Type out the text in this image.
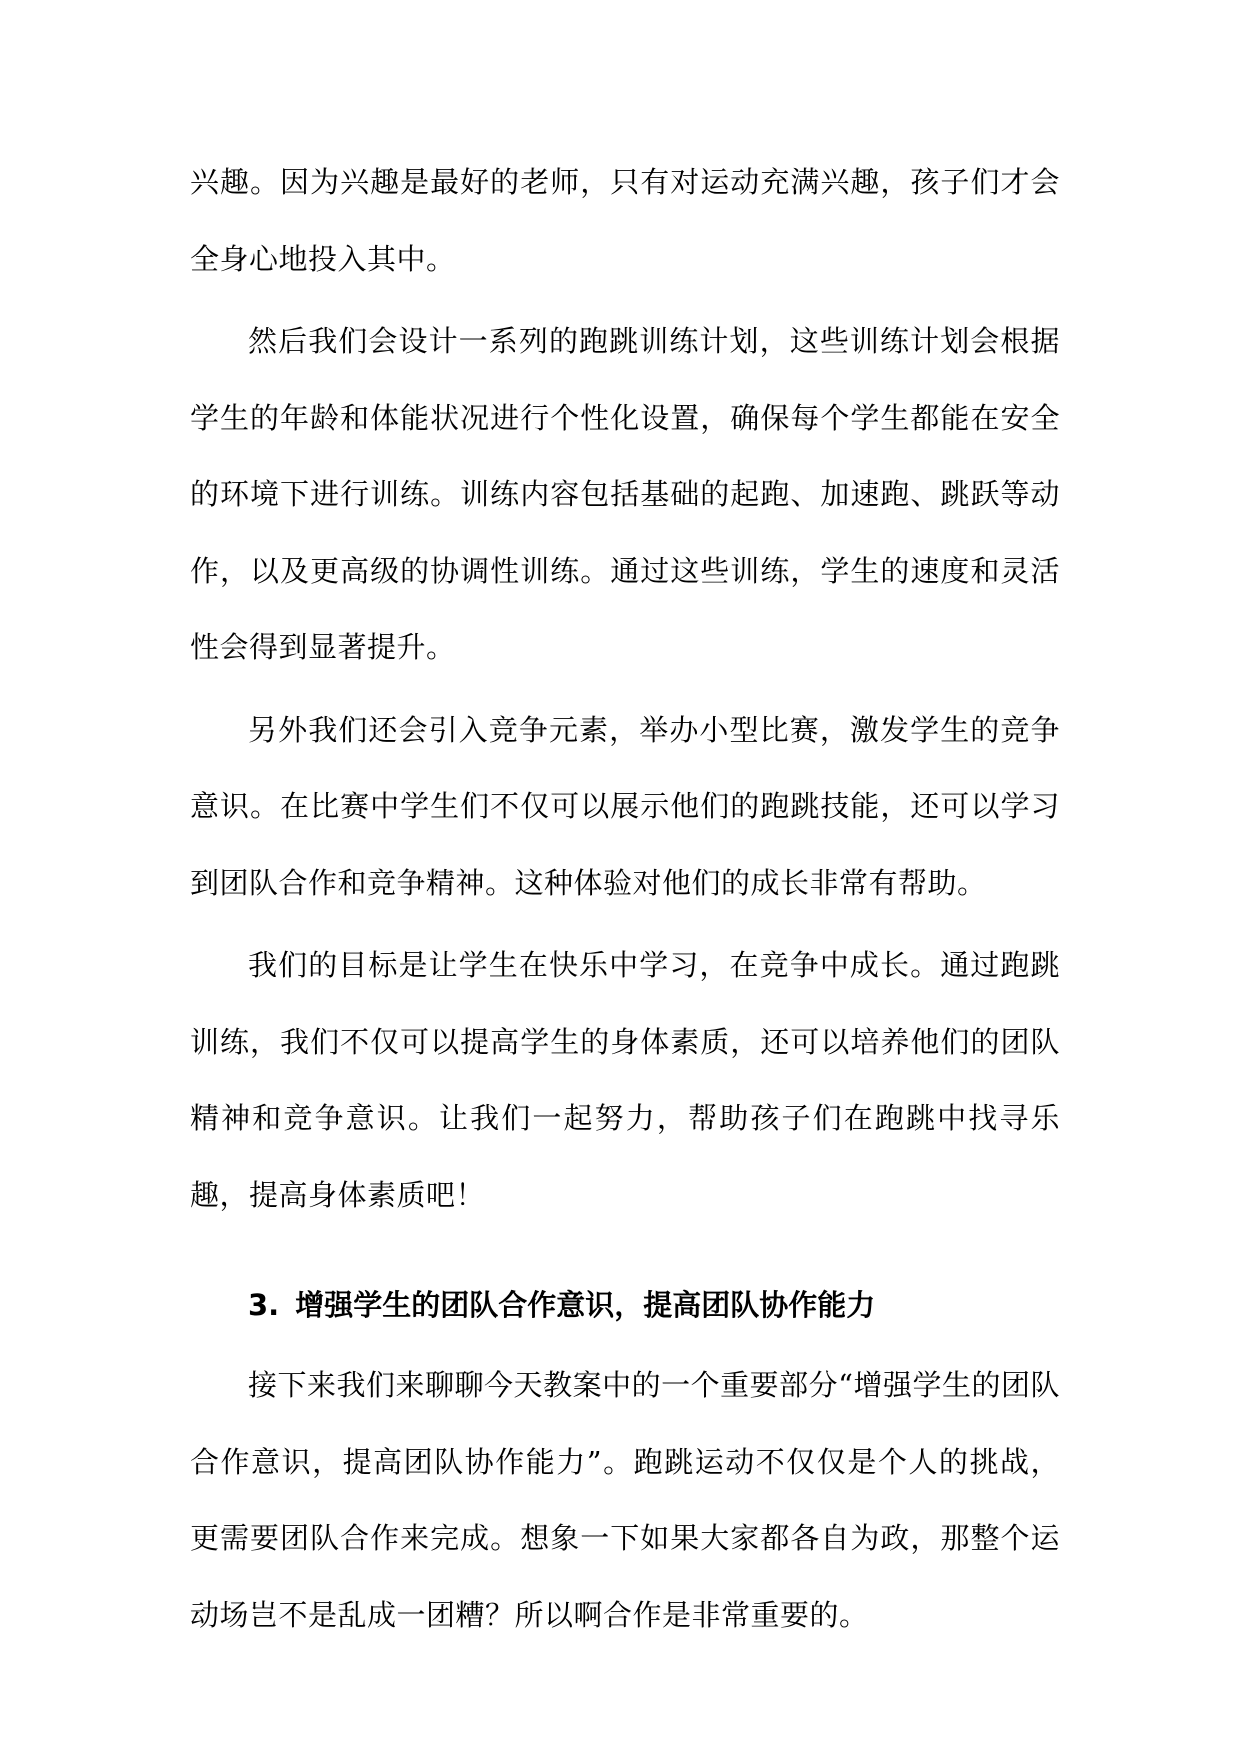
兴趣。因为兴趣是最好的老师，只有对运动充满兴趣，孩子们才会全身心地投入其中。

然后我们会设计一系列的跑跳训练计划，这些训练计划会根据学生的年龄和体能状况进行个性化设置，确保每个学生都能在安全的环境下进行训练。训练内容包括基础的起跑、加速跑、跳跃等动作，以及更高级的协调性训练。通过这些训练，学生的速度和灵活性会得到显著提升。

另外我们还会引入竞争元素，举办小型比赛，激发学生的竞争意识。在比赛中学生们不仅可以展示他们的跑跳技能，还可以学习到团队合作和竞争精神。这种体验对他们的成长非常有帮助。

我们的目标是让学生在快乐中学习，在竞争中成长。通过跑跳训练，我们不仅可以提高学生的身体素质，还可以培养他们的团队精神和竞争意识。让我们一起努力，帮助孩子们在跑跳中找寻乐趣，提高身体素质吧！

3. 增强学生的团队合作意识，提高团队协作能力

接下来我们来聊聊今天教案中的一个重要部分“增强学生的团队合作意识，提高团队协作能力”。跑跳运动不仅仅是个人的挑战，更需要团队合作来完成。想象一下如果大家都各自为政，那整个运动场岂不是乱成一团糟？所以啊合作是非常重要的。
